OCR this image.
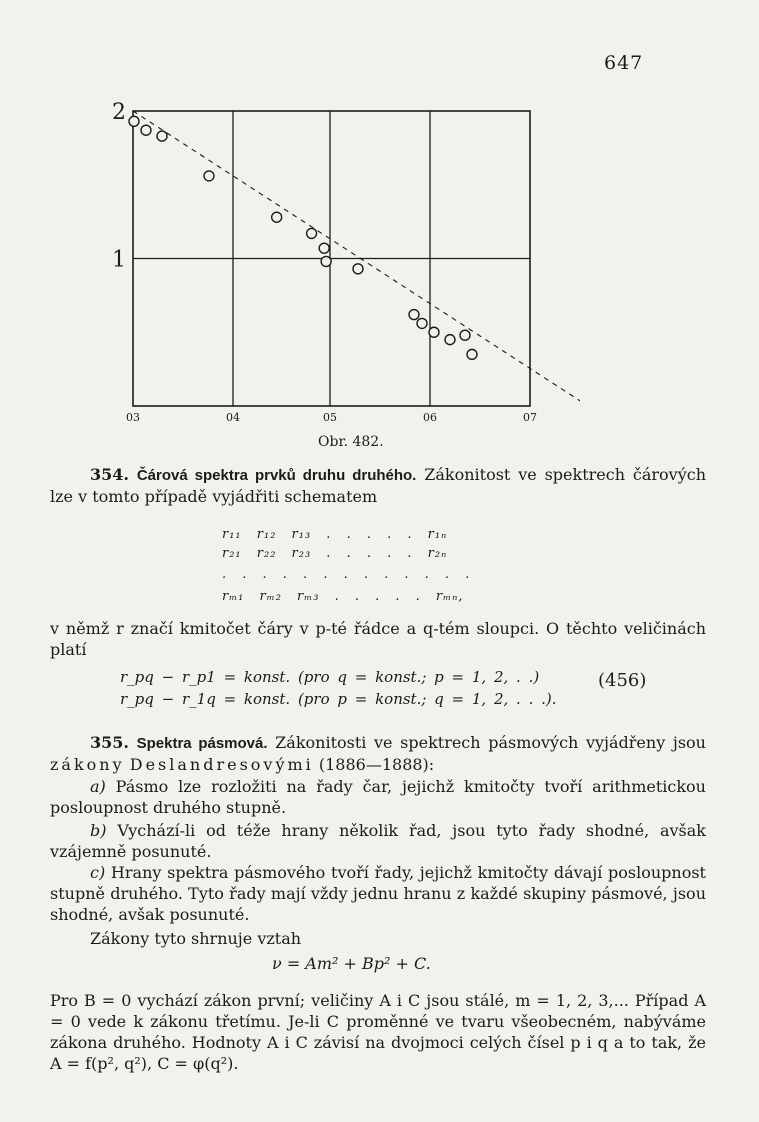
647
03	04	05	06	07
1
2
Obr. 482.
354. Čárová spektra prvků druhu druhého. Zákonitost ve spektrech čárových lze v tomto případě vyjádřiti schematem
r₁₁ r₁₂ r₁₃ . . . . . r₁ₙ
r₂₁ r₂₂ r₂₃ . . . . . r₂ₙ
. . . . . . . . . . . . .
rₘ₁ rₘ₂ rₘ₃ . . . . . rₘₙ,
v němž r značí kmitočet čáry v p-té řádce a q-tém sloupci. O těchto veličinách platí
r_pq − r_p1 = konst. (pro q = konst.; p = 1, 2, . .)
r_pq − r_1q = konst. (pro p = konst.; q = 1, 2, . . .).
(456)
355. Spektra pásmová. Zákonitosti ve spektrech pásmových vyjádřeny jsou zákony Deslandresovými (1886—1888):
a) Pásmo lze rozložiti na řady čar, jejichž kmitočty tvoří arithmetickou posloupnost druhého stupně.
b) Vychází-li od téže hrany několik řad, jsou tyto řady shodné, avšak vzájemně posunuté.
c) Hrany spektra pásmového tvoří řady, jejichž kmitočty dávají posloupnost stupně druhého. Tyto řady mají vždy jednu hranu z každé skupiny pásmové, jsou shodné, avšak posunuté.
Zákony tyto shrnuje vztah
ν = Am² + Bp² + C.
Pro B = 0 vychází zákon první; veličiny A i C jsou stálé, m = 1, 2, 3,... Případ A = 0 vede k zákonu třetímu. Je-li C proměnné ve tvaru všeobecném, nabýváme zákona druhého. Hodnoty A i C závisí na dvojmoci celých čísel p i q a to tak, že A = f(p², q²), C = φ(q²).
